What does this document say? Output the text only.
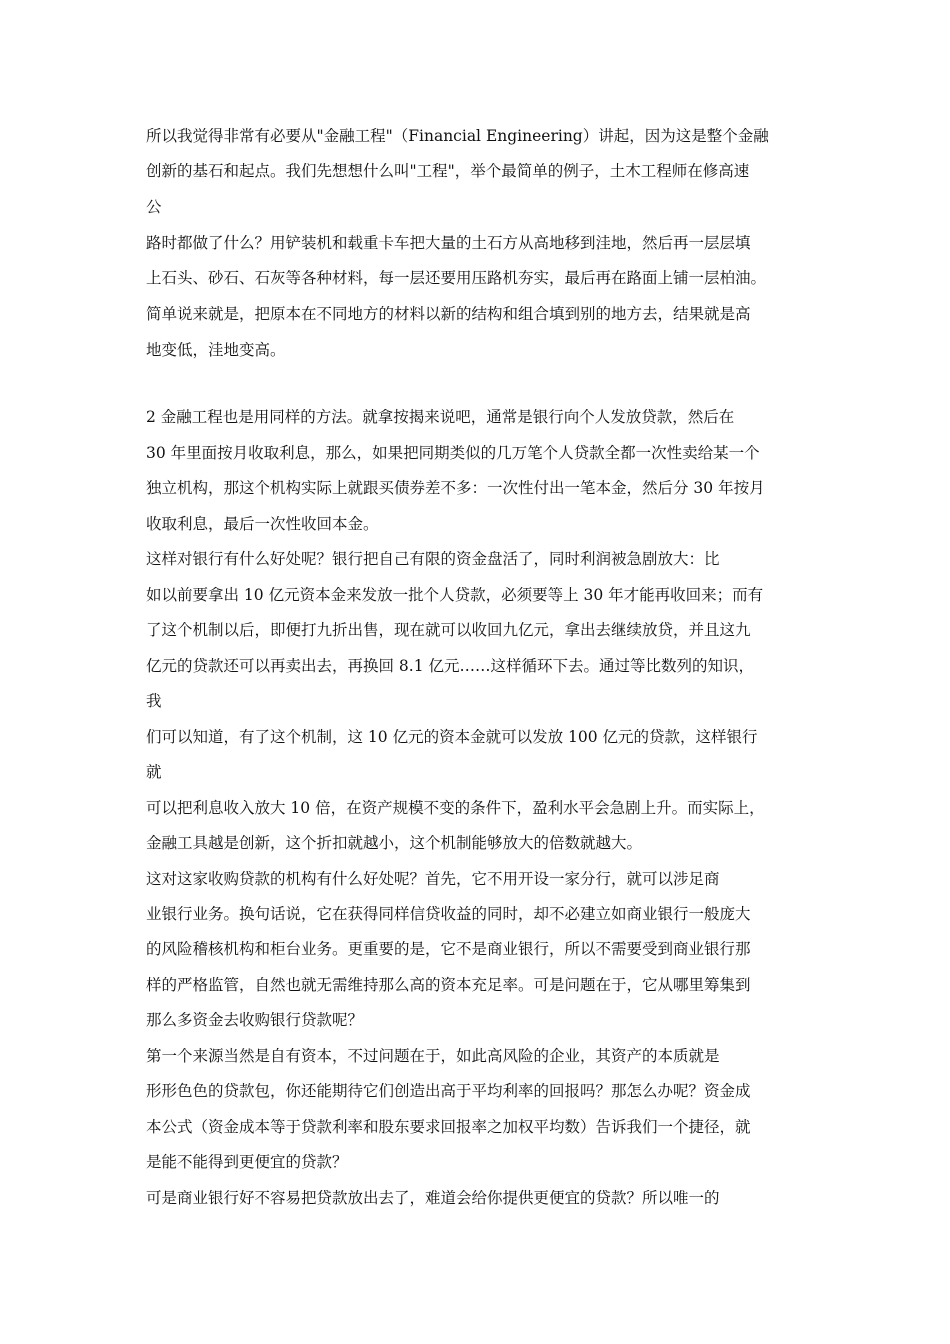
所以我觉得非常有必要从"金融工程"（Financial Engineering）讲起，因为这是整个金融
创新的基石和起点。我们先想想什么叫"工程"，举个最简单的例子，土木工程师在修高速
公
路时都做了什么？用铲装机和载重卡车把大量的土石方从高地移到洼地，然后再一层层填
上石头、砂石、石灰等各种材料，每一层还要用压路机夯实，最后再在路面上铺一层柏油。
简单说来就是，把原本在不同地方的材料以新的结构和组合填到别的地方去，结果就是高
地变低，洼地变高。
2 金融工程也是用同样的方法。就拿按揭来说吧，通常是银行向个人发放贷款，然后在
30 年里面按月收取利息，那么，如果把同期类似的几万笔个人贷款全都一次性卖给某一个
独立机构，那这个机构实际上就跟买债券差不多：一次性付出一笔本金，然后分 30 年按月
收取利息，最后一次性收回本金。
这样对银行有什么好处呢？银行把自己有限的资金盘活了，同时利润被急剧放大：比
如以前要拿出 10 亿元资本金来发放一批个人贷款，必须要等上 30 年才能再收回来；而有
了这个机制以后，即便打九折出售，现在就可以收回九亿元，拿出去继续放贷，并且这九
亿元的贷款还可以再卖出去，再换回 8.1 亿元……这样循环下去。通过等比数列的知识，
我
们可以知道，有了这个机制，这 10 亿元的资本金就可以发放 100 亿元的贷款，这样银行
就
可以把利息收入放大 10 倍，在资产规模不变的条件下，盈利水平会急剧上升。而实际上，
金融工具越是创新，这个折扣就越小，这个机制能够放大的倍数就越大。
这对这家收购贷款的机构有什么好处呢？首先，它不用开设一家分行，就可以涉足商
业银行业务。换句话说，它在获得同样信贷收益的同时，却不必建立如商业银行一般庞大
的风险稽核机构和柜台业务。更重要的是，它不是商业银行，所以不需要受到商业银行那
样的严格监管，自然也就无需维持那么高的资本充足率。可是问题在于，它从哪里筹集到
那么多资金去收购银行贷款呢？
第一个来源当然是自有资本，不过问题在于，如此高风险的企业，其资产的本质就是
形形色色的贷款包，你还能期待它们创造出高于平均利率的回报吗？那怎么办呢？资金成
本公式（资金成本等于贷款利率和股东要求回报率之加权平均数）告诉我们一个捷径，就
是能不能得到更便宜的贷款？
可是商业银行好不容易把贷款放出去了，难道会给你提供更便宜的贷款？所以唯一的
